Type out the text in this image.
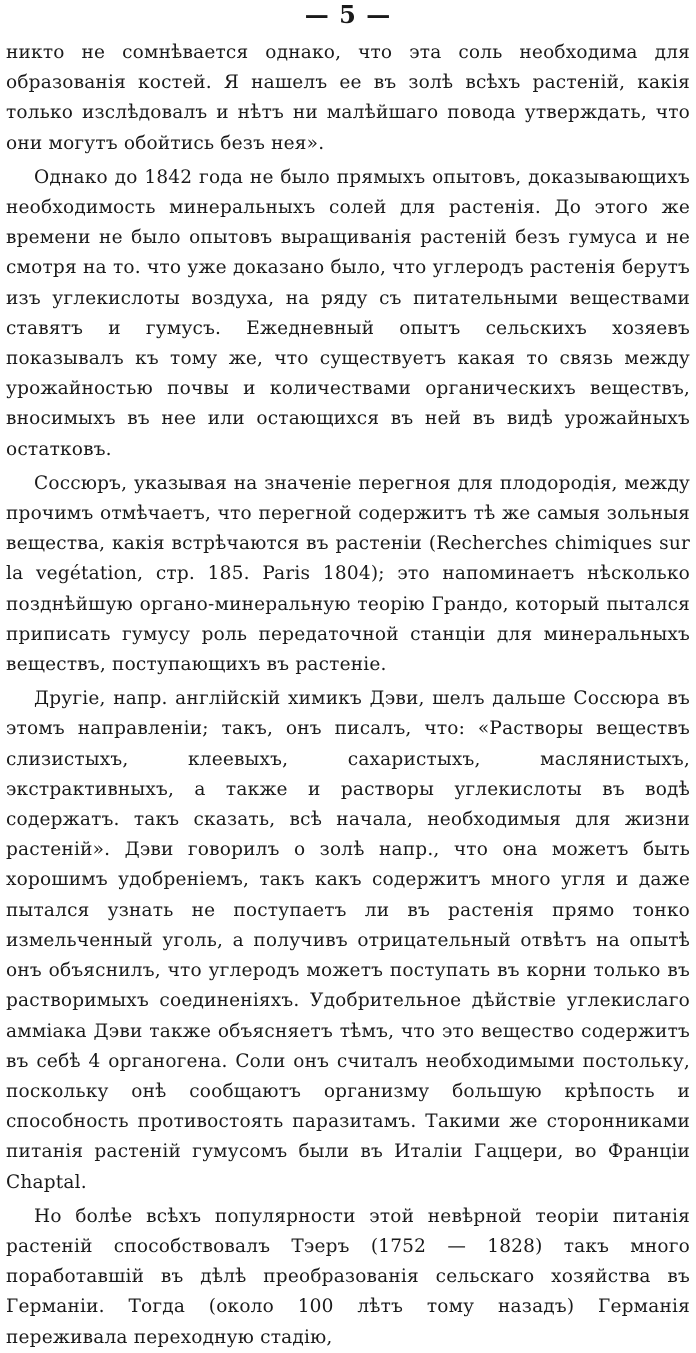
— 5 —

никто не сомнѣвается однако, что эта соль необходима для образованія костей. Я нашелъ ее въ золѣ всѣхъ растеній, какія только изслѣдовалъ и нѣтъ ни малѣйшаго повода утверждать, что они могутъ обойтись безъ нея».

Однако до 1842 года не было прямыхъ опытовъ, доказывающихъ необходимость минеральныхъ солей для растенія. До этого же времени не было опытовъ выращиванія растеній безъ гумуса и не смотря на то. что уже доказано было, что углеродъ растенія берутъ изъ углекислоты воздуха, на ряду съ питательными веществами ставятъ и гумусъ. Ежедневный опытъ сельскихъ хозяевъ показывалъ къ тому же, что существуетъ какая то связь между урожайностью почвы и количествами органическихъ веществъ, вносимыхъ въ нее или остающихся въ ней въ видѣ урожайныхъ остатковъ.

Соссюръ, указывая на значеніе перегноя для плодородія, между прочимъ отмѣчаетъ, что перегной содержитъ тѣ же самыя зольныя вещества, какія встрѣчаются въ растеніи (Recherches chimiques sur la vegétation, стр. 185. Paris 1804); это напоминаетъ нѣсколько позднѣйшую органо-минеральную теорію Грандо, который пытался приписать гумусу роль передаточной станціи для минеральныхъ веществъ, поступающихъ въ растеніе.

Другіе, напр. англійскій химикъ Дэви, шелъ дальше Соссюра въ этомъ направленіи; такъ, онъ писалъ, что: «Растворы веществъ слизистыхъ, клеевыхъ, сахаристыхъ, маслянистыхъ, экстрактивныхъ, а также и растворы углекислоты въ водѣ содержатъ. такъ сказать, всѣ начала, необходимыя для жизни растеній». Дэви говорилъ о золѣ напр., что она можетъ быть хорошимъ удобреніемъ, такъ какъ содержитъ много угля и даже пытался узнать не поступаетъ ли въ растенія прямо тонко измельченный уголь, а получивъ отрицательный отвѣтъ на опытѣ онъ объяснилъ, что углеродъ можетъ поступать въ корни только въ растворимыхъ соединеніяхъ. Удобрительное дѣйствіе углекислаго аммiака Дэви также объясняетъ тѣмъ, что это вещество содержитъ въ себѣ 4 органогена. Соли онъ считалъ необходимыми постольку, поскольку онѣ сообщаютъ организму большую крѣпость и способность противостоять паразитамъ. Такими же сторонниками питанія растеній гумусомъ были въ Италіи Гаццери, во Франціи Chaptal.

Но болѣе всѣхъ популярности этой невѣрной теоріи питанія растеній способствовалъ Тэеръ (1752 — 1828) такъ много поработавшій въ дѣлѣ преобразованія сельскаго хозяйства въ Германіи. Тогда (около 100 лѣтъ тому назадъ) Германія переживала переходную стадію,
